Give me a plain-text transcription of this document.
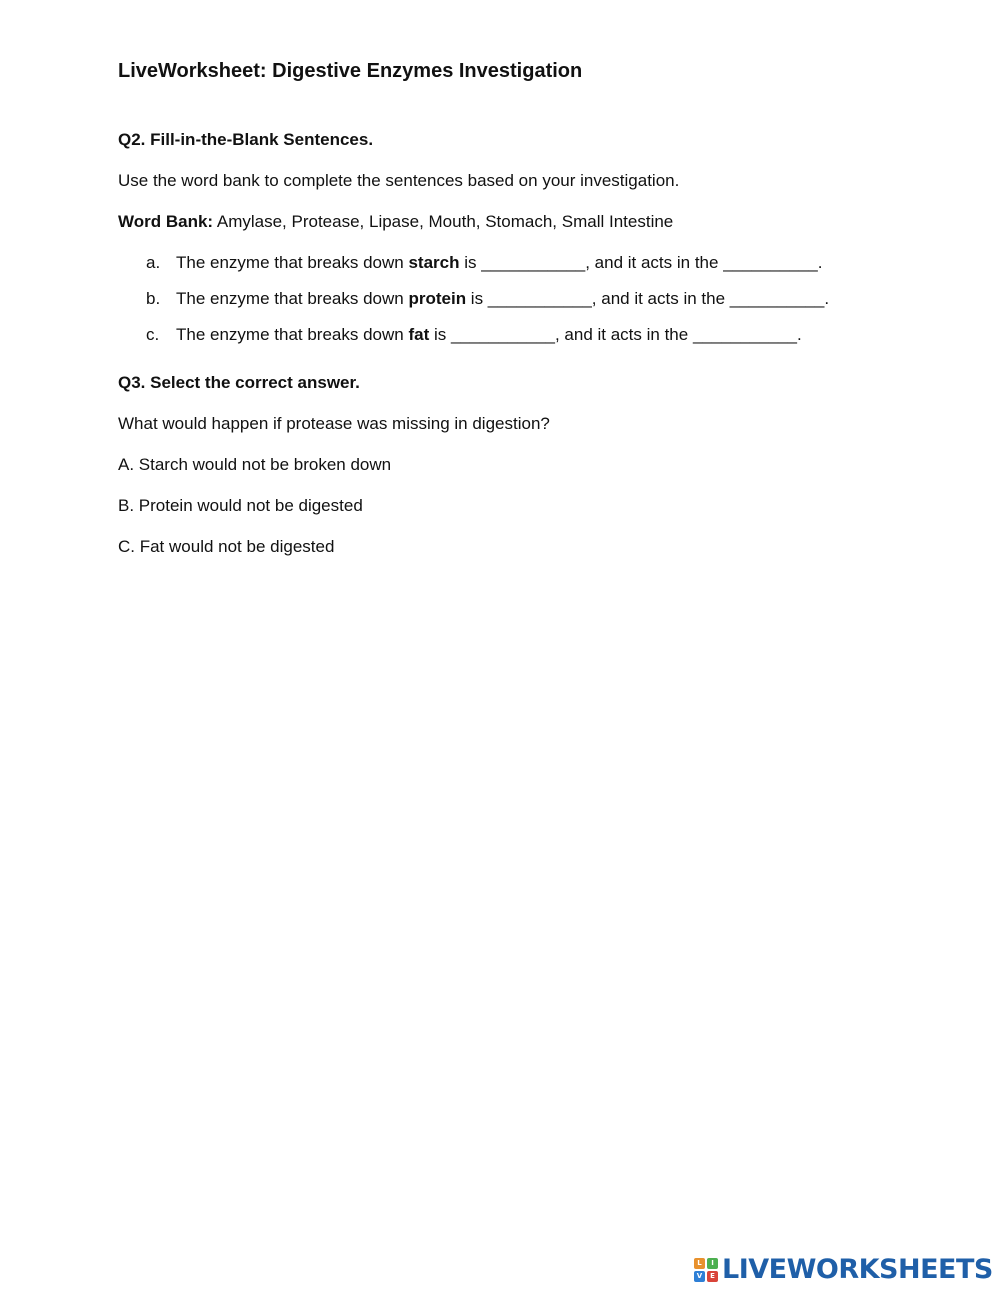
LiveWorksheet: Digestive Enzymes Investigation
Q2. Fill-in-the-Blank Sentences.
Use the word bank to complete the sentences based on your investigation.
Word Bank: Amylase, Protease, Lipase, Mouth, Stomach, Small Intestine
a. The enzyme that breaks down starch is ___________, and it acts in the __________.
b. The enzyme that breaks down protein is ___________, and it acts in the __________.
c. The enzyme that breaks down fat is ___________, and it acts in the ___________.
Q3. Select the correct answer.
What would happen if protease was missing in digestion?
A. Starch would not be broken down
B. Protein would not be digested
C. Fat would not be digested
L	I
V	E LIVEWORKSHEETS
